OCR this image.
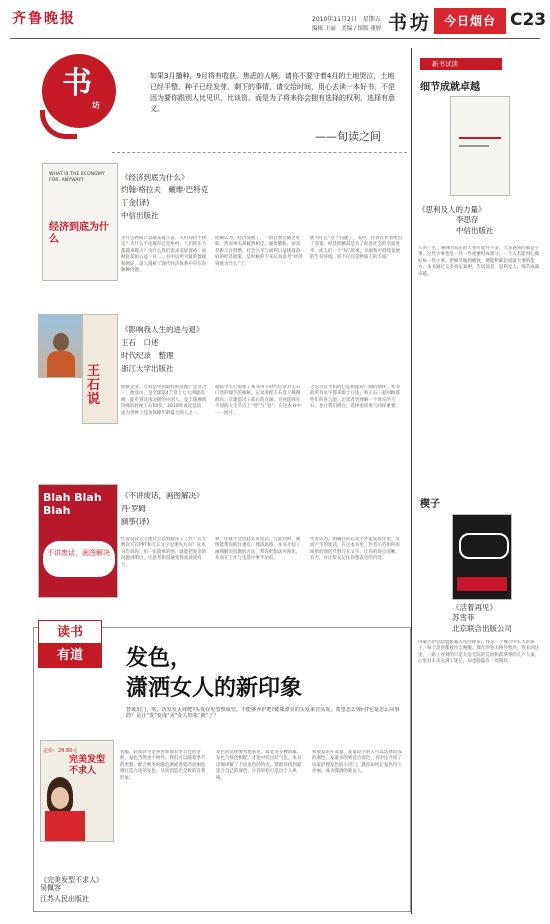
齐鲁晚报	2010年11月2日　星期五
编辑 王丽　美编 / 组版 董婷 书坊 今日烟台 C23
书
坊
如果3月播种，9月将有收获。焦虑的人啊，请你不要守着4月的土地哭泣，土地已经平整，种子已经发芽，剩下的事情，请交给时间，用心去读一本好书，不是因为要你跟别人比见识，比谈资，而是为了将来你会拥有选择的权利，选择有意义。
——旬读之间
WHAT IS THE ECONOMY FOR, ANYWAY?
经济到底为什么
《经济到底为什么》
约翰·格拉夫　戴维·巴特克
丁金(译)
中信出版社
为什么物质产品越来越丰富，人们却仍不快乐？为什么不论城市还是乡村，人们的压力都越来越大？为什么我们追求美好富裕，而财富却如日益一日……书中运用大量的数据和例证，深入剖析了现代经济体系中存在的种种问题。
庞铜认为，经济发展了，一切自然会随之好转，然而事实却截然相反。通货膨胀、贫富差距与日俱增，社会公平与福利日益挑战政府的经济政策，是时候停下来认真思考“经济到底为什么”了。
底为什么”这个问题了。书中，作者在作者给出了答案：经济的精彩是为了促进社会的全面进步，而人们一个“好”的事，幸福和可持续发展的生存环境，而不仅仅是物质上的丰富！
王石说
《影响我人生的进与退》
王石　口述
时代纪录　整理
浙江大学出版社
他统企业，万科是中国最好的房地产企业之一，他登山，是全球第4个登上七大洲最高峰、徒步到达南北极的中国人。登上珠穆朗玛峰的时候王石50岁，2010年再次登顶，成为世界上登顶珠峰年龄最大的人之一。
面临今天心境和了本书讲下时代记录对王石口述的细节的抽屉，记录进程王石登上珠穆朗玛、在建造房子前后的点滴；为何选择在不同的人生节点上“进”与“退”，在这本书中一一展开。
之后目日平和的心态和面对广阔的胸怀，本书的所有文字都来源于口述，和王石一起回顾那些年的进与退，让读者更理解一个真实的王石，也让我们明白，选择退的勇气同样重要。
Blah Blah Blah
不讲废话，画图解决
《不讲废话，画图解决》
丹·罗姆
颜筝(译)
忙着没没完完地开会以致耽误了工作？在无数次冗长PPT和冗长文字里迷失方向？这本书告诉你：用一张简单的图，就能把复杂的问题讲明白，让思考和沟通变得高效而有力。
界，你就不会因此去说废话，与此同时，画图能帮你抓住重点，理清思路，本书介绍了画图解决问题的方法，帮你把想法可视化，从而在工作与生活中事半功倍。
作者认为，明确目的后文字才能发挥作用，反而产生的废话，在这本书里，作者示范如何用简单的图形代替冗长文字，让你的观点清晰、有力，并让听众记住你想表达的内容。
读书
有道	发色，
潇洒女人的新印象
替染出门，吹，洗发发太痒吧?头发在发型塑成型，不能够养护吧?健康漂亮的头发来自头发，希望怎么弹回?它是怎么回事的？是让“发”变成“美”女人形象“新”了？
定价：29.80元
完美发型不求人
《完美发型不求人》
吴佩容
江苏人民出版社
衣服、彩妆甚至是各色饰都有季节性的变换，发色当然也不例外。我们可以随着季节的更替，配合秋冬的暖色调或春夏的亮丽色调打造合适的发色，从而创造出全新的自我形象。
发色的选择要考虑肤色、着装等多种因素，发色与肤色相配，才能衬托出好气色。本书详细讲解了不同发色的特点，帮助你找到最适合自己的颜色，让你轻松打造出个人风格。
和染发的开发量，发量较少的人可以选择较浅的颜色，发量多的则适合深色，书中还介绍了居家护理发色的小窍门，教你如何让发色持久亮丽，成为潇洒的新女人。
新书试读
细节成就卓越
《思利及人的力量》
李思存
中信出版社
人的一生，遇到的真正的大事可能并不多，大多遇到的都是小事。这些小事也是一件一件重要组成部分。一个人若能用心做好每一件小事，把细节做到极致，便能积累起成就大事的能力。本书通过众多真实案例，告诉读者：思利及人，细节成就卓越。
楔子
《活着再见》
苏雪菲
北京联合出版公司
内蒙古伊克昭盟旅蒙古风沙肆虐。我是一个城市中长大的孩子，每个清晨都被沙尘唤醒。那年的冬天格外寒冷，我来到这里，一路上看到的只是无边无际的荒原和孤零零的几户人家，心里对未来充满了迷茫，却也隐隐有一丝期待。
